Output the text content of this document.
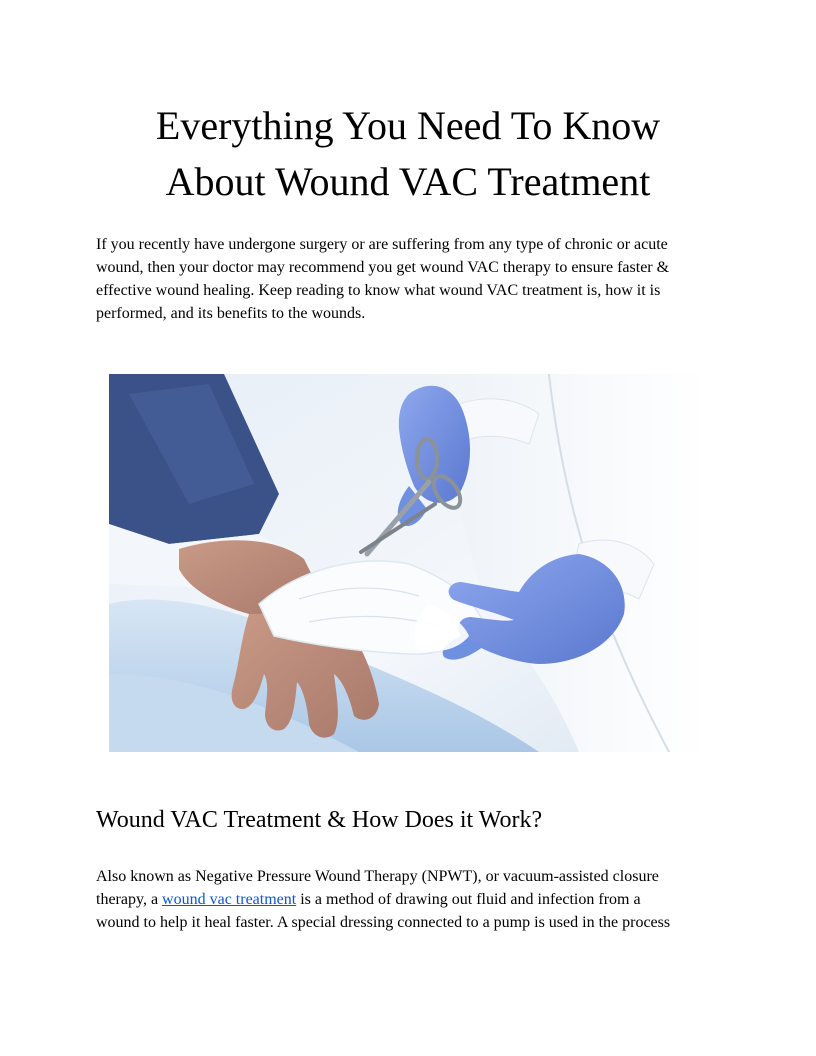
Everything You Need To Know
About Wound VAC Treatment

If you recently have undergone surgery or are suffering from any type of chronic or acute
wound, then your doctor may recommend you get wound VAC therapy to ensure faster &
effective wound healing. Keep reading to know what wound VAC treatment is, how it is
performed, and its benefits to the wounds.

Wound VAC Treatment & How Does it Work?

Also known as Negative Pressure Wound Therapy (NPWT), or vacuum-assisted closure
therapy, a wound vac treatment is a method of drawing out fluid and infection from a
wound to help it heal faster. A special dressing connected to a pump is used in the process
